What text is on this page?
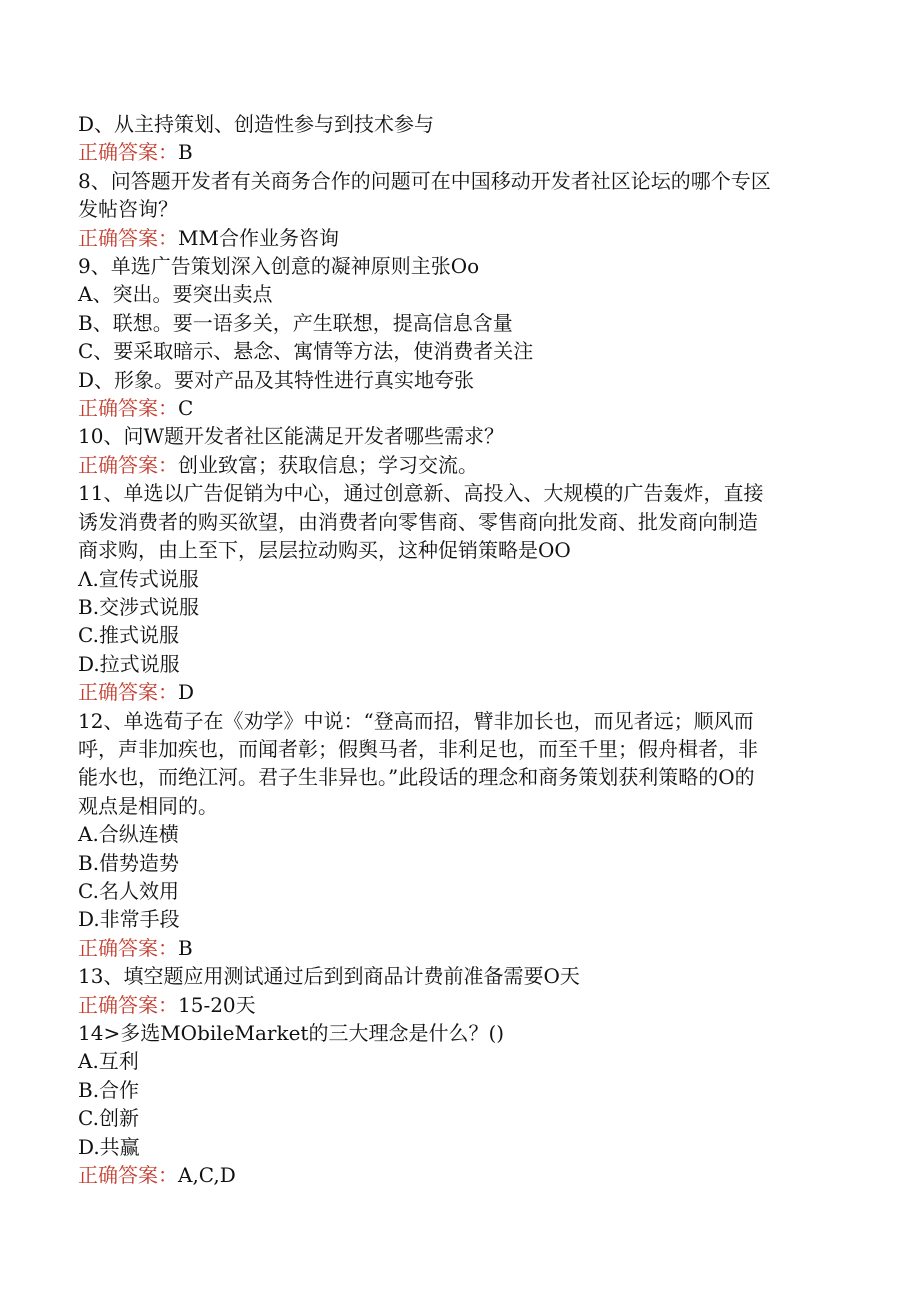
D、从主持策划、创造性参与到技术参与
正确答案：B
8、问答题开发者有关商务合作的问题可在中国移动开发者社区论坛的哪个专区
发帖咨询？
正确答案：MM合作业务咨询
9、单选广告策划深入创意的凝神原则主张Oo
A、突出。要突出卖点
B、联想。要一语多关，产生联想，提高信息含量
C、要采取暗示、悬念、寓情等方法，使消费者关注
D、形象。要对产品及其特性进行真实地夸张
正确答案：C
10、问W题开发者社区能满足开发者哪些需求？
正确答案：创业致富；获取信息；学习交流。
11、单选以广告促销为中心，通过创意新、高投入、大规模的广告轰炸，直接
诱发消费者的购买欲望，由消费者向零售商、零售商向批发商、批发商向制造
商求购，由上至下，层层拉动购买，这种促销策略是OO
Λ.宣传式说服
B.交涉式说服
C.推式说服
D.拉式说服
正确答案：D
12、单选荀子在《劝学》中说：“登高而招，臂非加长也，而见者远；顺风而
呼，声非加疾也，而闻者彰；假舆马者，非利足也，而至千里；假舟楫者，非
能水也，而绝江河。君子生非异也。”此段话的理念和商务策划获利策略的O的
观点是相同的。
A.合纵连横
B.借势造势
C.名人效用
D.非常手段
正确答案：B
13、填空题应用测试通过后到到商品计费前准备需要O天
正确答案：15-20天
14>多选MObileMarket的三大理念是什么？()
A.互利
B.合作
C.创新
D.共赢
正确答案：A,C,D
